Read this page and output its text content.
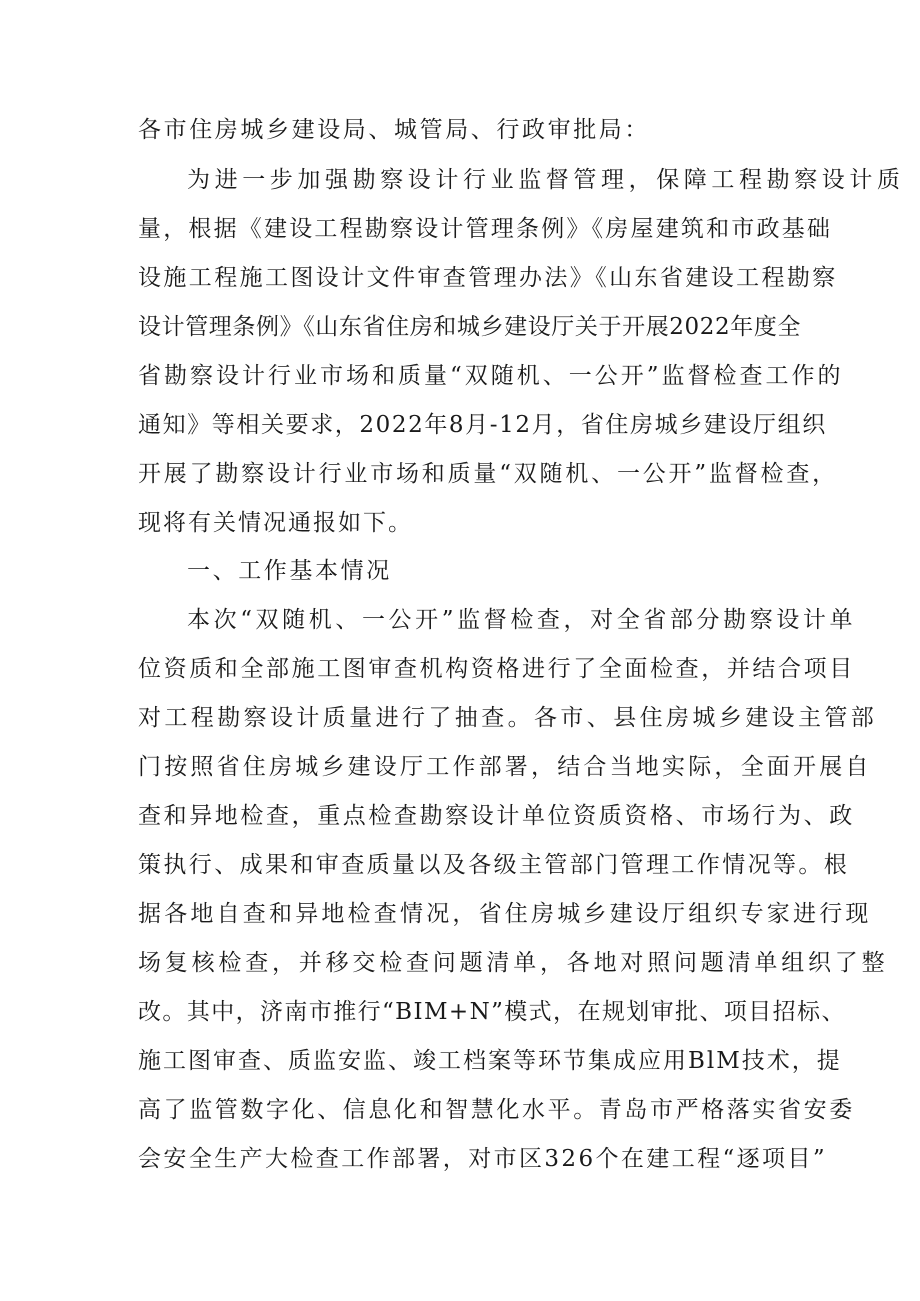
各市住房城乡建设局、城管局、行政审批局：
为进一步加强勘察设计行业监督管理，保障工程勘察设计质
量，根据《建设工程勘察设计管理条例》《房屋建筑和市政基础
设施工程施工图设计文件审查管理办法》《山东省建设工程勘察
设计管理条例》《山东省住房和城乡建设厅关于开展2022年度全
省勘察设计行业市场和质量“双随机、一公开”监督检查工作的
通知》等相关要求，2022年8月-12月，省住房城乡建设厅组织
开展了勘察设计行业市场和质量“双随机、一公开”监督检查，
现将有关情况通报如下。
一、工作基本情况
本次“双随机、一公开”监督检查，对全省部分勘察设计单
位资质和全部施工图审查机构资格进行了全面检查，并结合项目
对工程勘察设计质量进行了抽查。各市、县住房城乡建设主管部
门按照省住房城乡建设厅工作部署，结合当地实际，全面开展自
查和异地检查，重点检查勘察设计单位资质资格、市场行为、政
策执行、成果和审查质量以及各级主管部门管理工作情况等。根
据各地自查和异地检查情况，省住房城乡建设厅组织专家进行现
场复核检查，并移交检查问题清单，各地对照问题清单组织了整
改。其中，济南市推行“BIM+N”模式，在规划审批、项目招标、
施工图审查、质监安监、竣工档案等环节集成应用BlM技术，提
高了监管数字化、信息化和智慧化水平。青岛市严格落实省安委
会安全生产大检查工作部署，对市区326个在建工程“逐项目”
